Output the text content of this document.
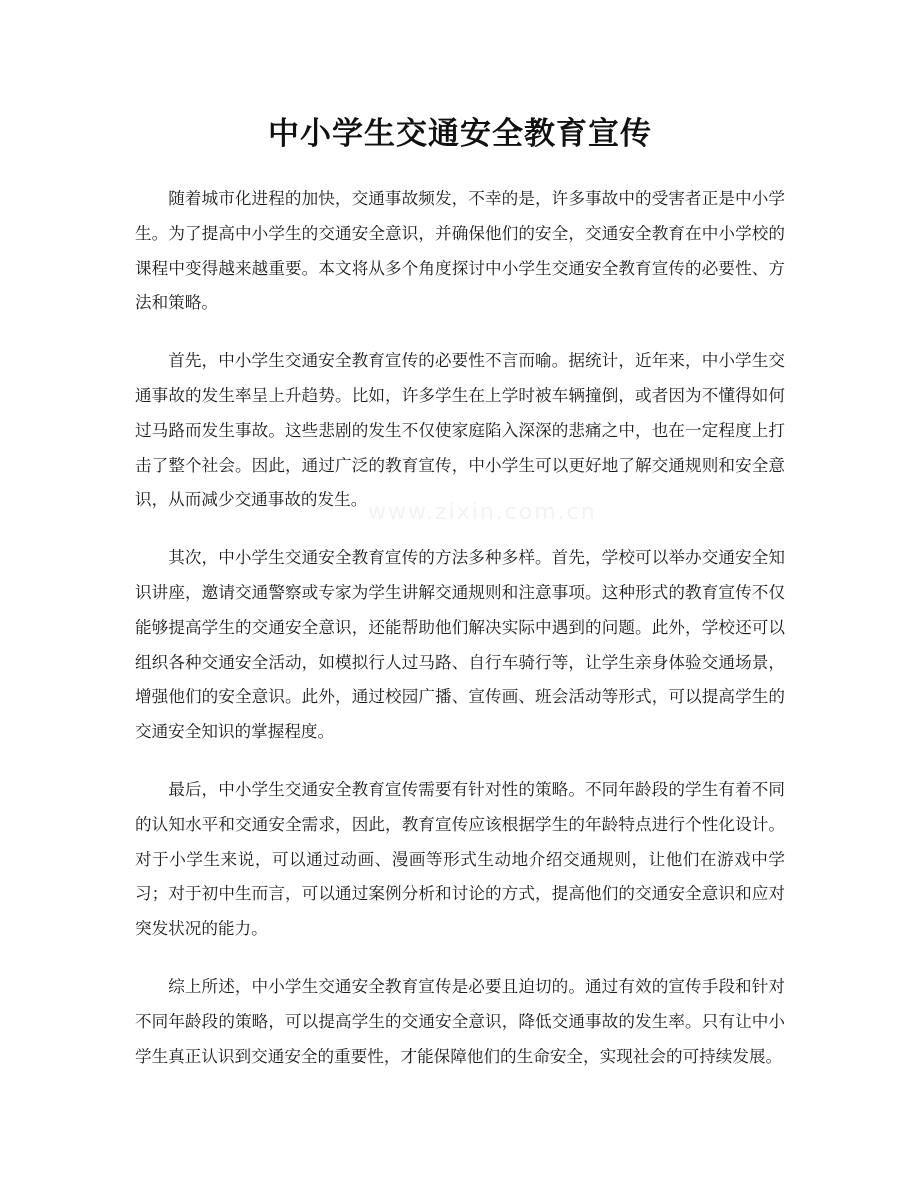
中小学生交通安全教育宣传
www.zixin.com.cn

随着城市化进程的加快，交通事故频发，不幸的是，许多事故中的受害者正是中小学生。为了提高中小学生的交通安全意识，并确保他们的安全，交通安全教育在中小学校的课程中变得越来越重要。本文将从多个角度探讨中小学生交通安全教育宣传的必要性、方法和策略。

首先，中小学生交通安全教育宣传的必要性不言而喻。据统计，近年来，中小学生交通事故的发生率呈上升趋势。比如，许多学生在上学时被车辆撞倒，或者因为不懂得如何过马路而发生事故。这些悲剧的发生不仅使家庭陷入深深的悲痛之中，也在一定程度上打击了整个社会。因此，通过广泛的教育宣传，中小学生可以更好地了解交通规则和安全意识，从而减少交通事故的发生。

其次，中小学生交通安全教育宣传的方法多种多样。首先，学校可以举办交通安全知识讲座，邀请交通警察或专家为学生讲解交通规则和注意事项。这种形式的教育宣传不仅能够提高学生的交通安全意识，还能帮助他们解决实际中遇到的问题。此外，学校还可以组织各种交通安全活动，如模拟行人过马路、自行车骑行等，让学生亲身体验交通场景，增强他们的安全意识。此外，通过校园广播、宣传画、班会活动等形式，可以提高学生的交通安全知识的掌握程度。

最后，中小学生交通安全教育宣传需要有针对性的策略。不同年龄段的学生有着不同的认知水平和交通安全需求，因此，教育宣传应该根据学生的年龄特点进行个性化设计。对于小学生来说，可以通过动画、漫画等形式生动地介绍交通规则，让他们在游戏中学习；对于初中生而言，可以通过案例分析和讨论的方式，提高他们的交通安全意识和应对突发状况的能力。

综上所述，中小学生交通安全教育宣传是必要且迫切的。通过有效的宣传手段和针对不同年龄段的策略，可以提高学生的交通安全意识，降低交通事故的发生率。只有让中小学生真正认识到交通安全的重要性，才能保障他们的生命安全，实现社会的可持续发展。
